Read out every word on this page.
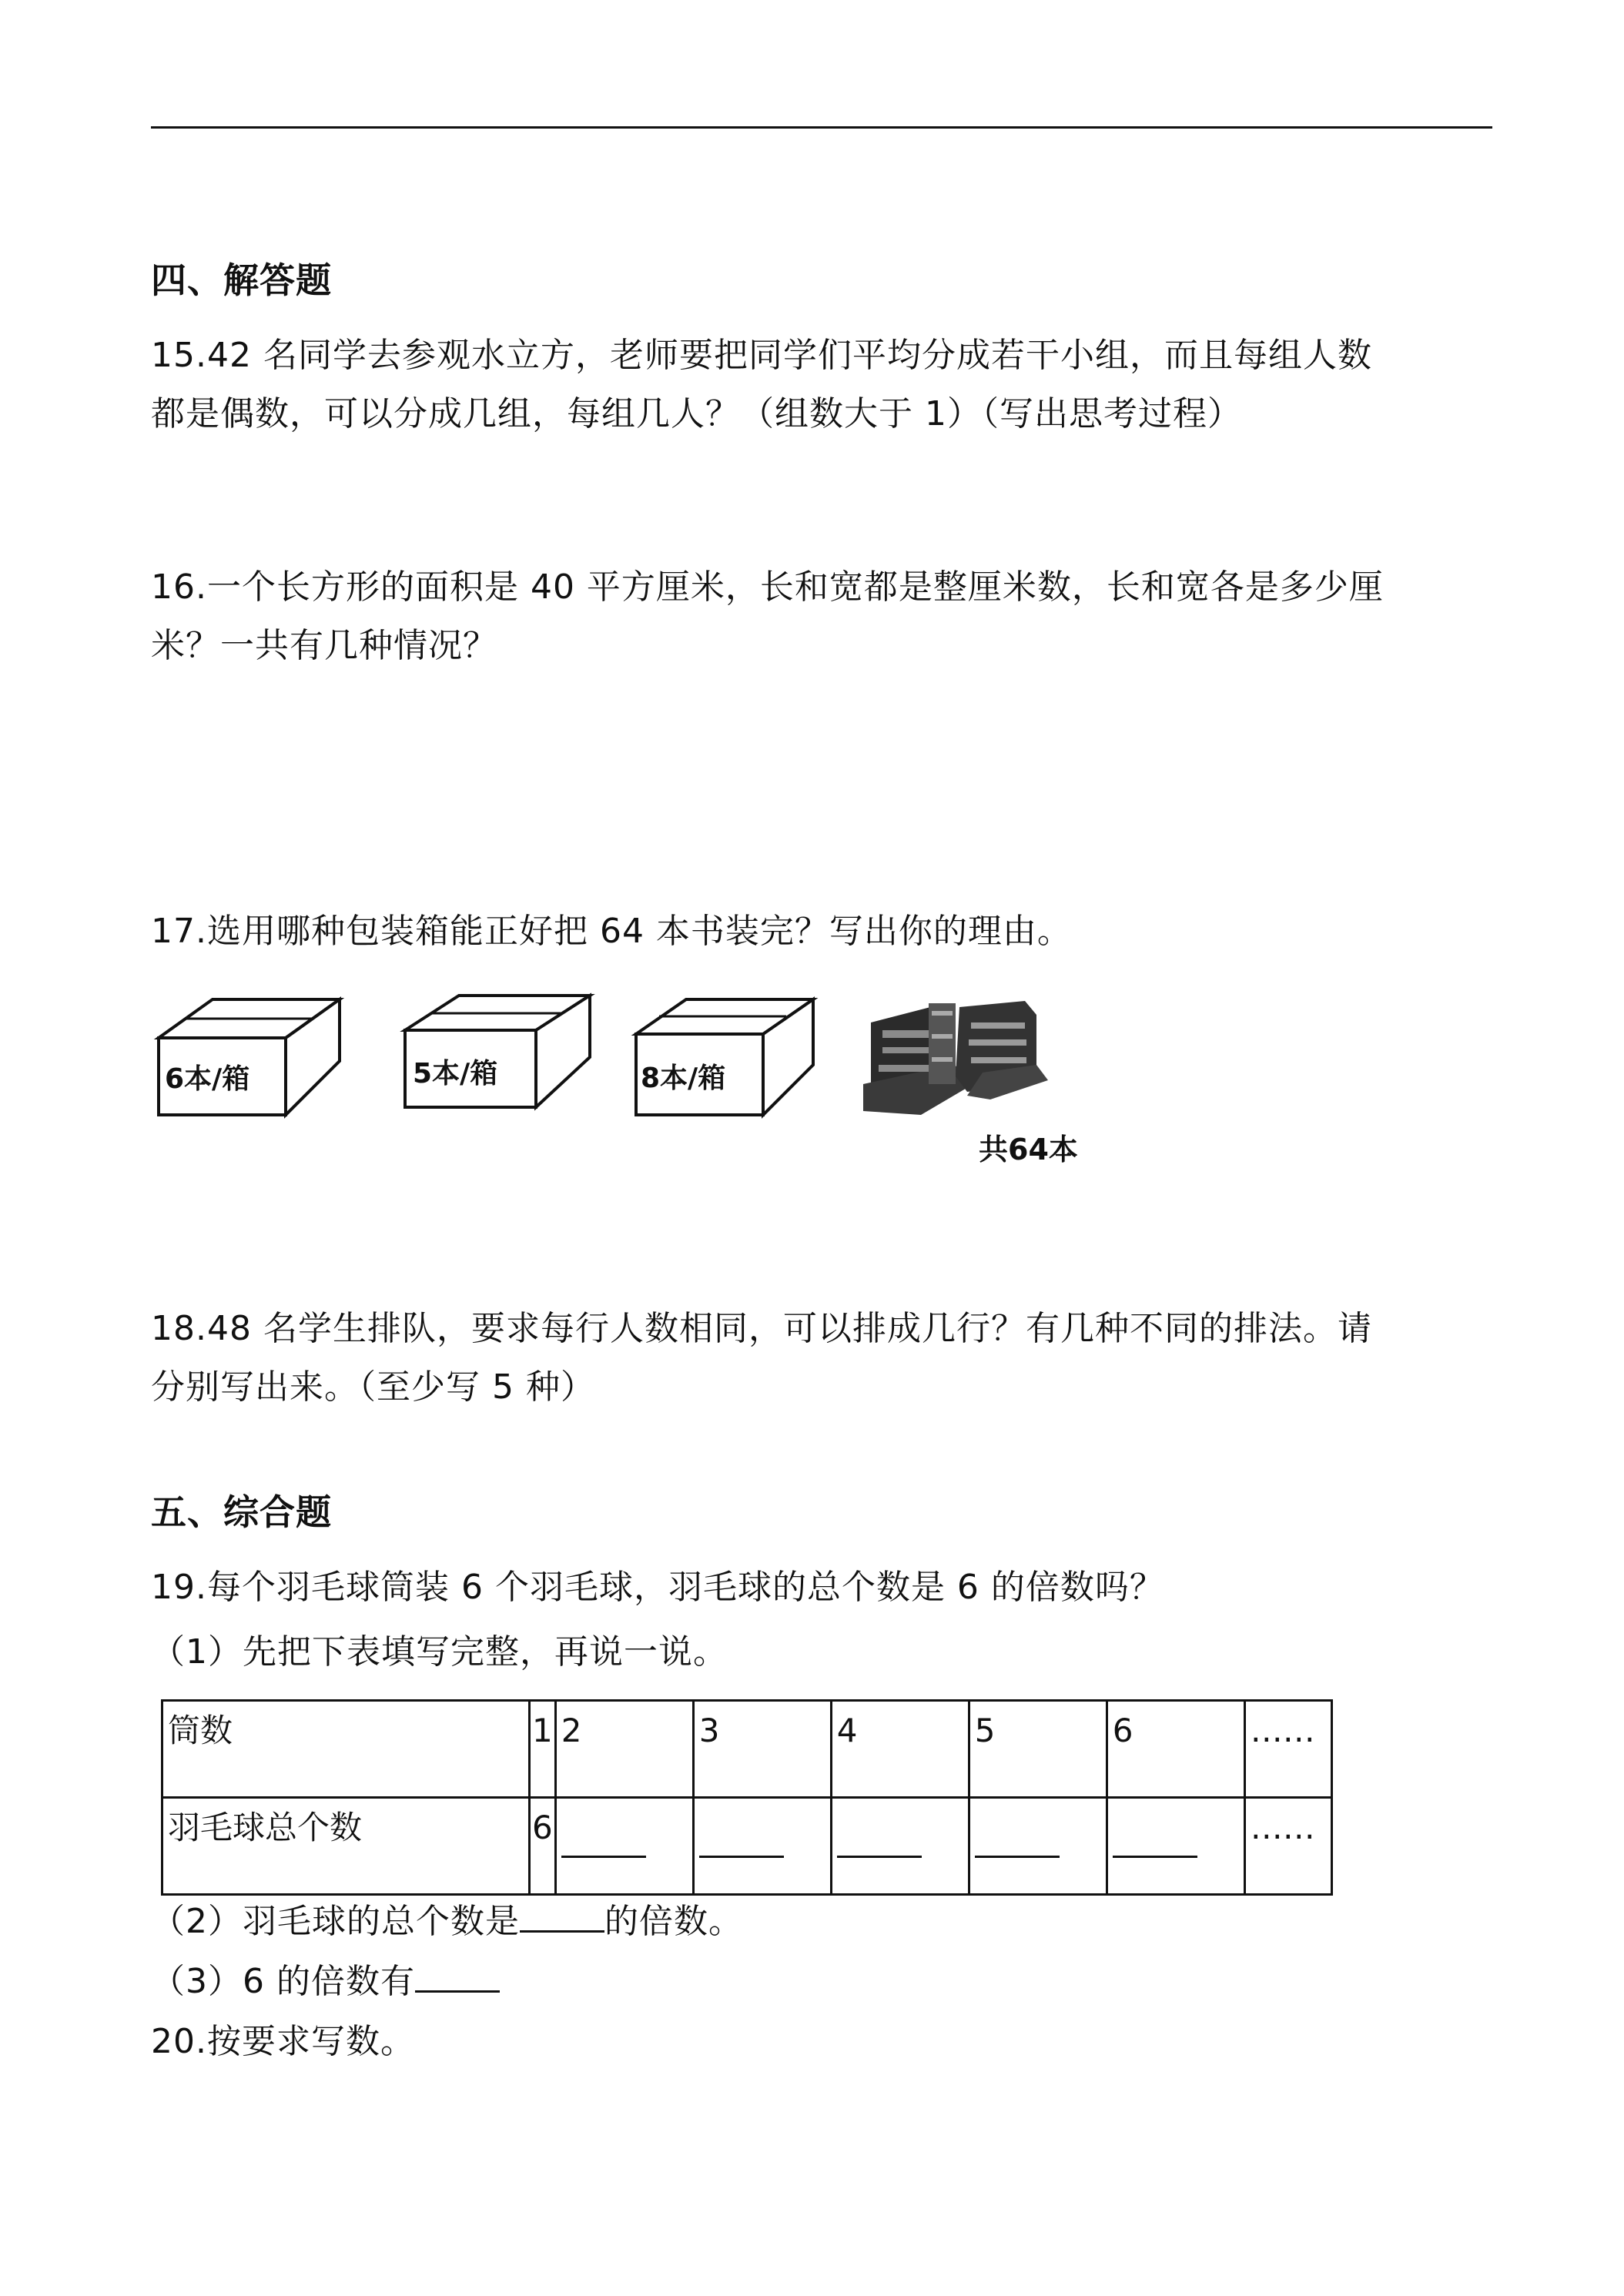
四、解答题
15.42 名同学去参观水立方，老师要把同学们平均分成若干小组，而且每组人数
都是偶数，可以分成几组，每组几人？（组数大于 1）（写出思考过程）
16.一个长方形的面积是 40 平方厘米，长和宽都是整厘米数，长和宽各是多少厘
米？一共有几种情况？
17.选用哪种包装箱能正好把 64 本书装完？写出你的理由。
6本/箱	5本/箱	8本/箱
共64本
18.48 名学生排队，要求每行人数相同，可以排成几行？有几种不同的排法。请
分别写出来。（至少写 5 种）
五、综合题
19.每个羽毛球筒装 6 个羽毛球，羽毛球的总个数是 6 的倍数吗？
（1）先把下表填写完整，再说一说。
筒数	1	2	3	4	5	6	……
羽毛球总个数	6						……
（2）羽毛球的总个数是	的倍数。
（3）6 的倍数有
20.按要求写数。
